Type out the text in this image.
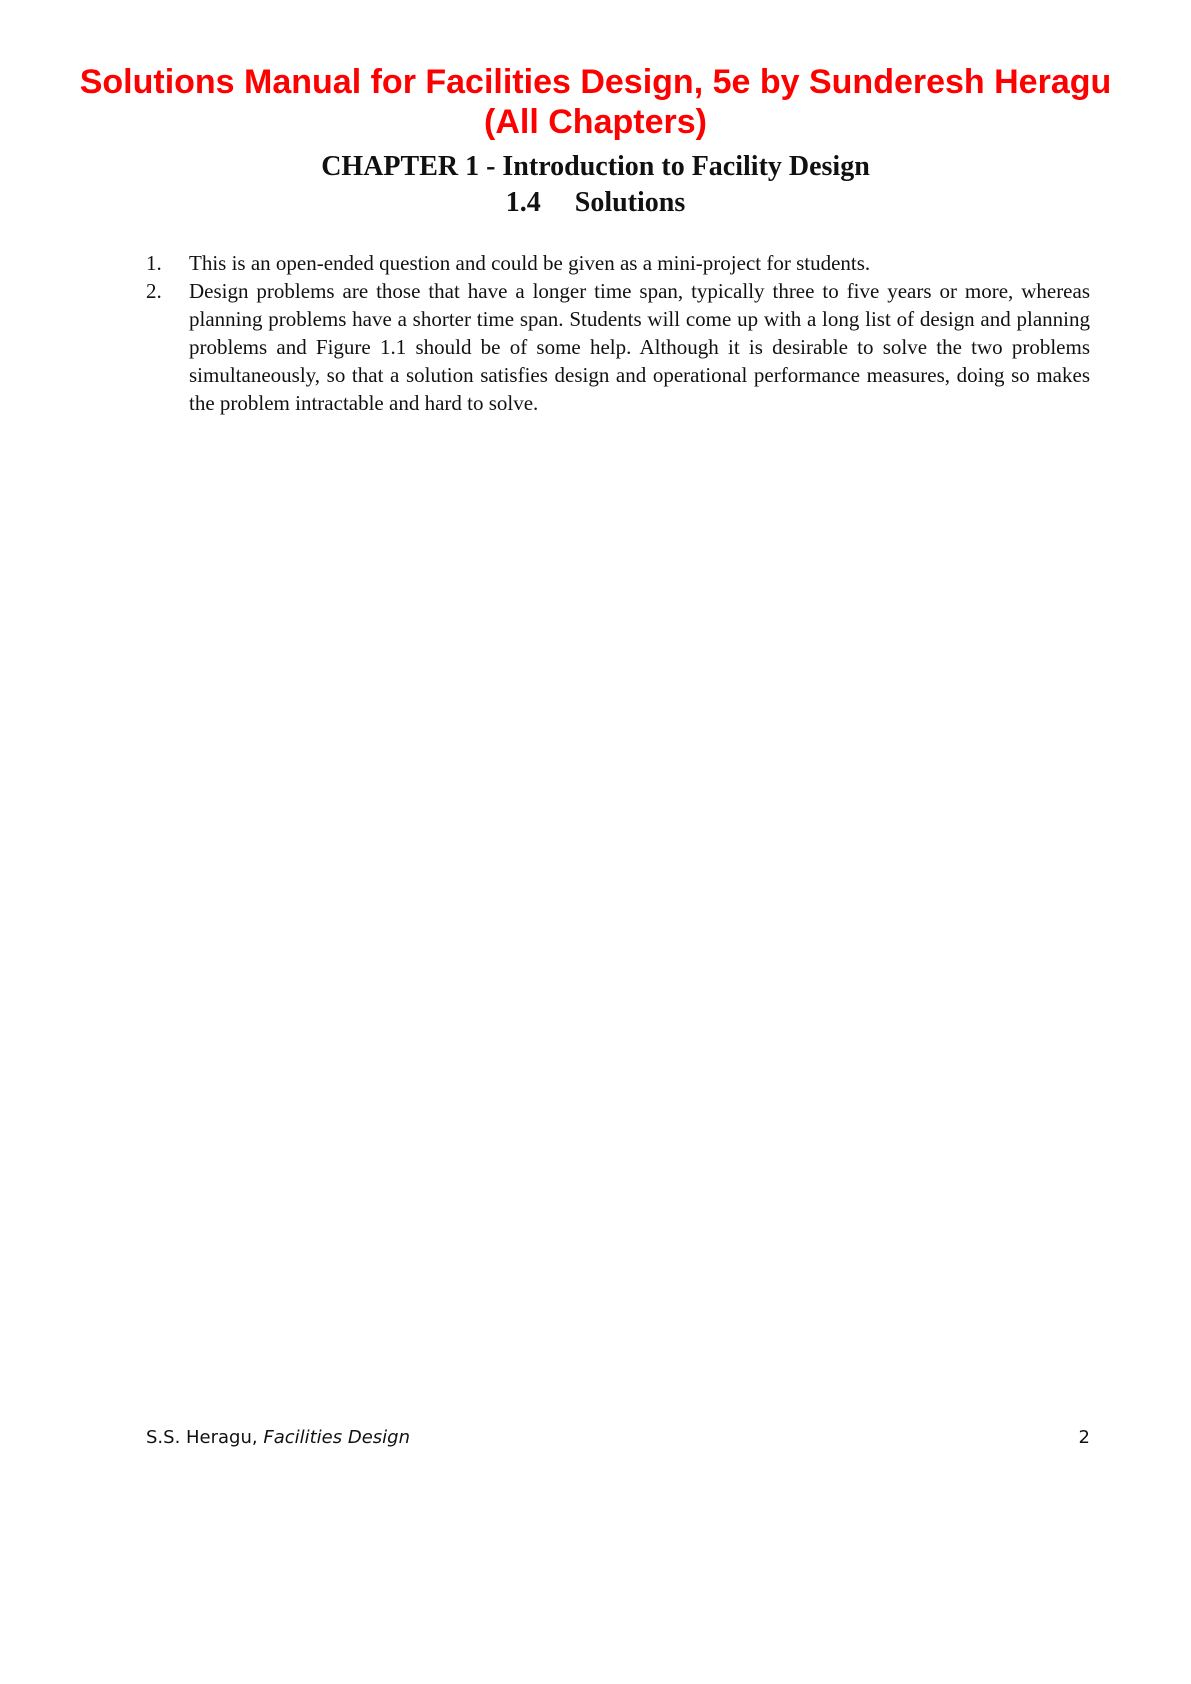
Solutions Manual for Facilities Design, 5e by Sunderesh Heragu
(All Chapters)
CHAPTER 1 - Introduction to Facility Design
1.4 Solutions
1. This is an open-ended question and could be given as a mini-project for students.
2. Design problems are those that have a longer time span, typically three to five years or more, whereas planning problems have a shorter time span. Students will come up with a long list of design and planning problems and Figure 1.1 should be of some help. Although it is desirable to solve the two problems simultaneously, so that a solution satisfies design and operational performance measures, doing so makes the problem intractable and hard to solve.
S.S. Heragu, Facilities Design	2
